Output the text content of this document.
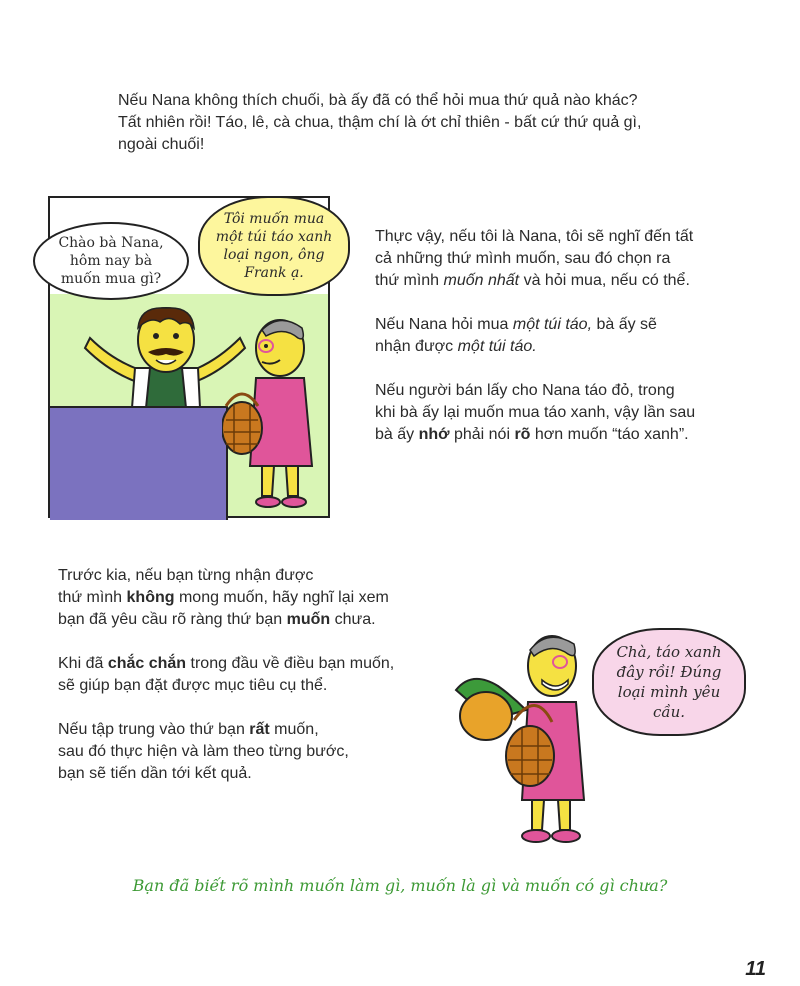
Nếu Nana không thích chuối, bà ấy đã có thể hỏi mua thứ quả nào khác?

Tất nhiên rồi! Táo, lê, cà chua, thậm chí là ớt chỉ thiên - bất cứ thứ quả gì,

ngoài chuối!

Chào bà Nana, hôm nay bà muốn mua gì?
Tôi muốn mua một túi táo xanh loại ngon, ông Frank ạ.

Thực vậy, nếu tôi là Nana, tôi sẽ nghĩ đến tất
cả những thứ mình muốn, sau đó chọn ra
thứ mình muốn nhất và hỏi mua, nếu có thể.

Nếu Nana hỏi mua một túi táo, bà ấy sẽ
nhận được một túi táo.

Nếu người bán lấy cho Nana táo đỏ, trong
khi bà ấy lại muốn mua táo xanh, vậy lần sau
bà ấy nhớ phải nói rõ hơn muốn “táo xanh”.

Trước kia, nếu bạn từng nhận được
thứ mình không mong muốn, hãy nghĩ lại xem
bạn đã yêu cầu rõ ràng thứ bạn muốn chưa.

Khi đã chắc chắn trong đầu về điều bạn muốn,
sẽ giúp bạn đặt được mục tiêu cụ thể.

Nếu tập trung vào thứ bạn rất muốn,
sau đó thực hiện và làm theo từng bước,
bạn sẽ tiến dần tới kết quả.

Chà, táo xanh đây rồi! Đúng loại mình yêu cầu.
Bạn đã biết rõ mình muốn làm gì, muốn là gì và muốn có gì chưa?
11
